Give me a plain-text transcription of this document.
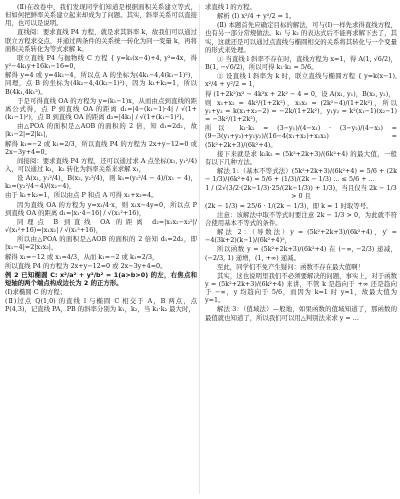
(Ⅱ)在改卷中，我们发现同学们知道是根据面积关系建立等式，但如何把鲜率关系建立起来却成为了问题。其实，斜率关系可以直接用，也可以是说明。

直线阅：要求直线 P4 方程，就是求其斜率 k，故我们可以通过联立方程求交点，并通过两条件的关系统一转化为同一变量 k，再将面积关系转化为等式求解 k。

联立直线 P4 与抛物线 C 方程 { y=k₁(x−4)+4, y²=4x，得 y²−4k₁y+16k₁−16=0，

解得 y=4 或 y=4k₁−4，所以点 A 的坐标为(4k₁−4,4(k₁−1)²)，同理，点 B 的坐标为(4k₂−4,4(k₂−1)²)，因为 k₁+k₂=1，所以 B(4k₁,4k₁²)。

于是可得直线 OA 的方程为 y=(k₁−1)x，从而由点到直线的距离公式得，点 P 到直线 OA 的距离 d₁=|4−(k₁−1)·4| / √(1+(k₁−1)²)，点 B 到直线 OA 的距离 d₂=|4k₁| / √(1+(k₁−1)²)。

由△POA 的面积是△AOB 的面积的 2 倍，知 d₁=2d₂，故 |k₁−2|=2|k₁|，

解得 k₁=−2 或 k₁=2/3，所以直线 P4 的方程为 2x+y−12=0 或 2x−3y+4=0。

间接阅：要求直线 P4 方程，还可以通过求 A 点坐标(x₁, y₁²/4)入，可以通过 k₁，k₂ 转化为斜率关系来求解 x₁，

设 A(x₁, y₁²/4)，B(x₂, y₂²/4)，则 k₁=(y₁²/4 − 4)/(x₁ − 4)，k₂=(y₂²/4−4)/(x₂−4)，

由于 k₁+k₂=1，所以由点 P 和点 A 可得 x₁+x₂=4。

因为直线 OA 的方程为 y=x₁/4·x，则 x₁x−4y=0，所以点 P 到直线 OA 的距离 d₁=|x₁·4−16| / √(x₁²+16)，

同理点 B 到直线 OA 的距离 d₂=|x₁x₂−x₂²|/√(x₁²+16)=|x₁x₂| / √(x₁²+16)，

所以由△POA 的面积是△AOB 的面积的 2 倍知 d₁=2d₂，即 |x₁−4|=2|x₁x₂|，

解得 x₁=−12 或 x₁=4/3，从而 k₁=−2 或 k₁=2/3，

所以直线 P4 的方程为 2x+y−12=0 或 2x−3y+4=0。

例 2 已知椭圆 C: x²/a² + y²/b² = 1(a>b>0) 的左，右焦点和短轴的两个端点构成边长为 2 的正方形。

(Ⅰ)求椭圆 C 的方程；

(Ⅱ)过点 Q(1,0) 的直线 l 与椭圆 C 相交于 A，B 两点，点 P(4,3)，记直线 PA，PB 的斜率分别为 k₁，k₂，当 k₁·k₂ 最大时，

求直线 l 的方程。

解析 (Ⅰ) x²/4 + y²/2 = 1。

(Ⅱ) 本题首先应确定目标的解法，可与(Ⅰ)一样先求得直线方程，也有另一部分常规做法。k₁ 与 k₂ 的表达式后不能再求解下去了，其实，这就还是可以通过点直线与椭圆相交的关系将其转化与一个变量的形式来处理。

① 当直线 l 斜率不存在时，直线方程为 x=1，得 A(1, √6/2)，B(1, −√6/2)，所以可得 k₁·k₂ = 5/6。

② 设直线 l 斜率为 k 时，联立直线与椭圆方程 { y=k(x−1), x²/4 + y²/2 = 1，

得 (1+2k²)x² − 4k²x + 2k² − 4 = 0，设 A(x₁, y₁)，B(x₂, y₂)，

则 x₁+x₂ = 4k²/(1+2k²)，x₁x₂ = (2k²−4)/(1+2k²)，所以 y₁+y₂ = k(x₁+x₂−2) = −2k/(1+2k²)，y₁y₂ = k²(x₁−1)(x₂−1) = −3k²/(1+2k²)，

所以 k₁·k₂ = (3−y₁)/(4−x₁) · (3−y₂)/(4−x₂) = (9−3(y₁+y₂)+y₁y₂)/(16−4(x₁+x₂)+x₁x₂) = (5k²+2k+3)/(6k²+4)。

接下来就是求 k₁k₂ = (5k²+2k+3)/(6k²+4) 的最大值，一般有以下几种方法。

解法 1：（基本不等式法）(5k²+2k+3)/(6k²+4) = 5/6 + (2k − 1/3)/(6k²+4) = 5/6 + (1/3)/(2k − 1/3) ... ≤ 5/6 + ...

1 / (2√(3/2·(2k−1/3)·25/(2k−1/3)) + 1/3)，当且仅当 2k − 1/3 > 0 且

(2k − 1/3) = 25/6 · 1/(2k − 1/3)，即 k = 1 时取等号。

注意：该解法中取不等式时要注意 2k − 1/3 > 0，为此就不符合使用基本不等式的条件。

解法 2：（导数法）y = (5k²+2k+3)/(6k²+4)，y′ = −4(3k+2)(k−1)/(6k²+4)²，

所以函数 y = (5k²+2k+3)/(6k²+4) 在 (−∞, −2/3) 递减，(−2/3, 1) 递增，(1, +∞) 递减。

至此，同学们不免产生疑问：函数不存在最大值啊！

其实，这也说明里我们不必须要解决的问题，事实上，对于函数 y = (5k²+2k+3)/(6k²+4) 来讲，不管 k 是趋向于 +∞ 还是趋向于 −∞，y 均趋向于 5/6，而因为 k=1 时 y=1，故最大值为 y=1。

解法 3：（值域法）—般地，如果函数的值域知道了，那函数的最值就也知道了，所以我们可以用△判别法来求 y = ...
